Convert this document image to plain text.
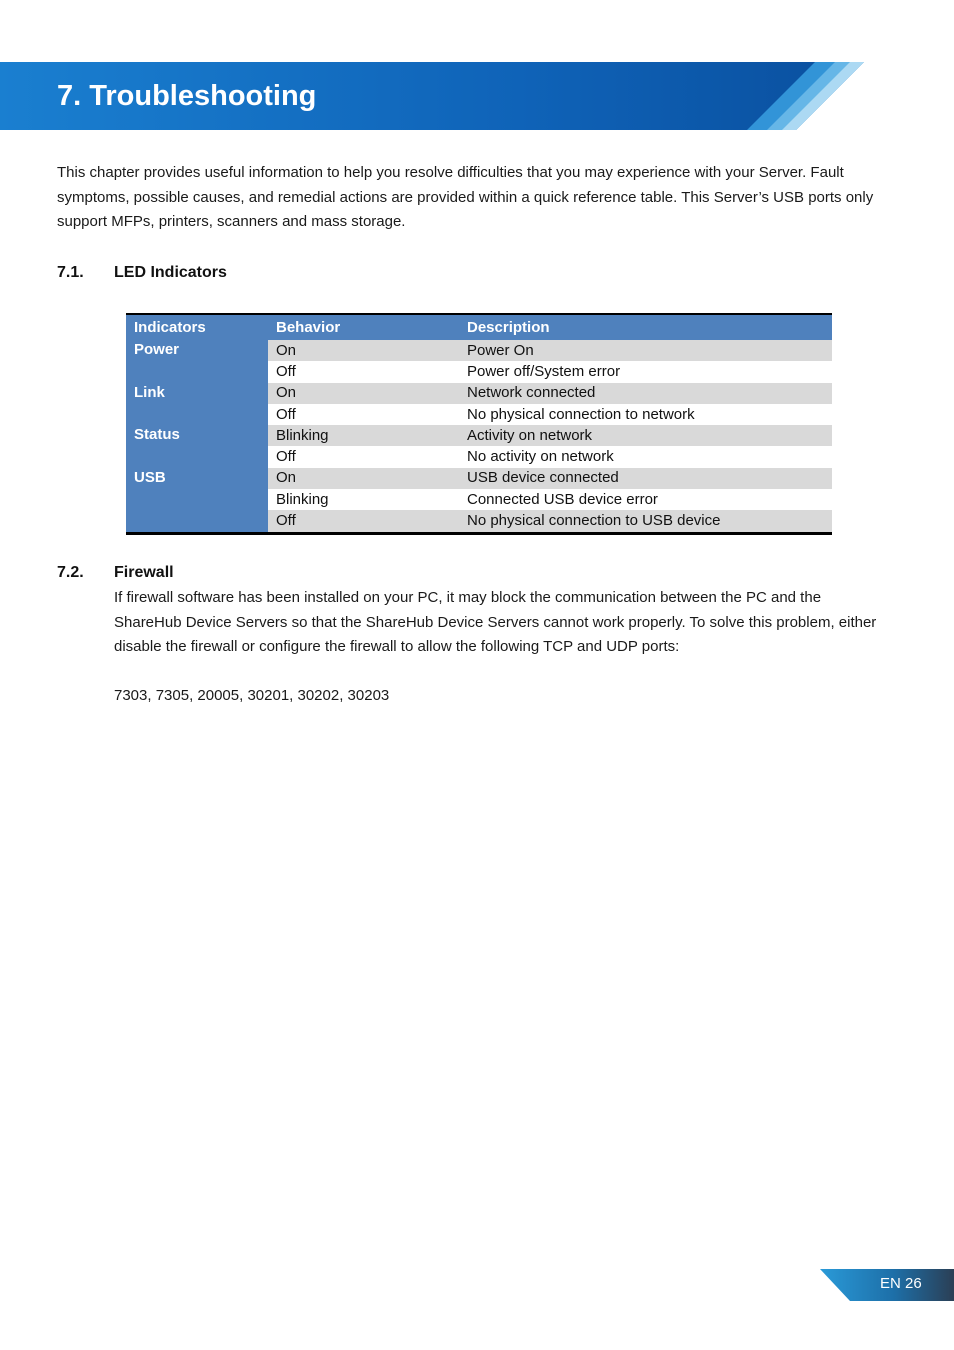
7. Troubleshooting

This chapter provides useful information to help you resolve difficulties that you may experience with your Server. Fault symptoms, possible causes, and remedial actions are provided within a quick reference table. This Server’s USB ports only support MFPs, printers, scanners and mass storage.

7.1. LED Indicators
Indicators	Behavior	Description
Power	On	Power On
	Off	Power off/System error
Link	On	Network connected
	Off	No physical connection to network
Status	Blinking	Activity on network
	Off	No activity on network
USB	On	USB device connected
	Blinking	Connected USB device error
	Off	No physical connection to USB device
7.2. Firewall

If firewall software has been installed on your PC, it may block the communication between the PC and the ShareHub Device Servers so that the ShareHub Device Servers cannot work properly. To solve this problem, either disable the firewall or configure the firewall to allow the following TCP and UDP ports:

7303, 7305, 20005, 30201, 30202, 30203

EN 26
